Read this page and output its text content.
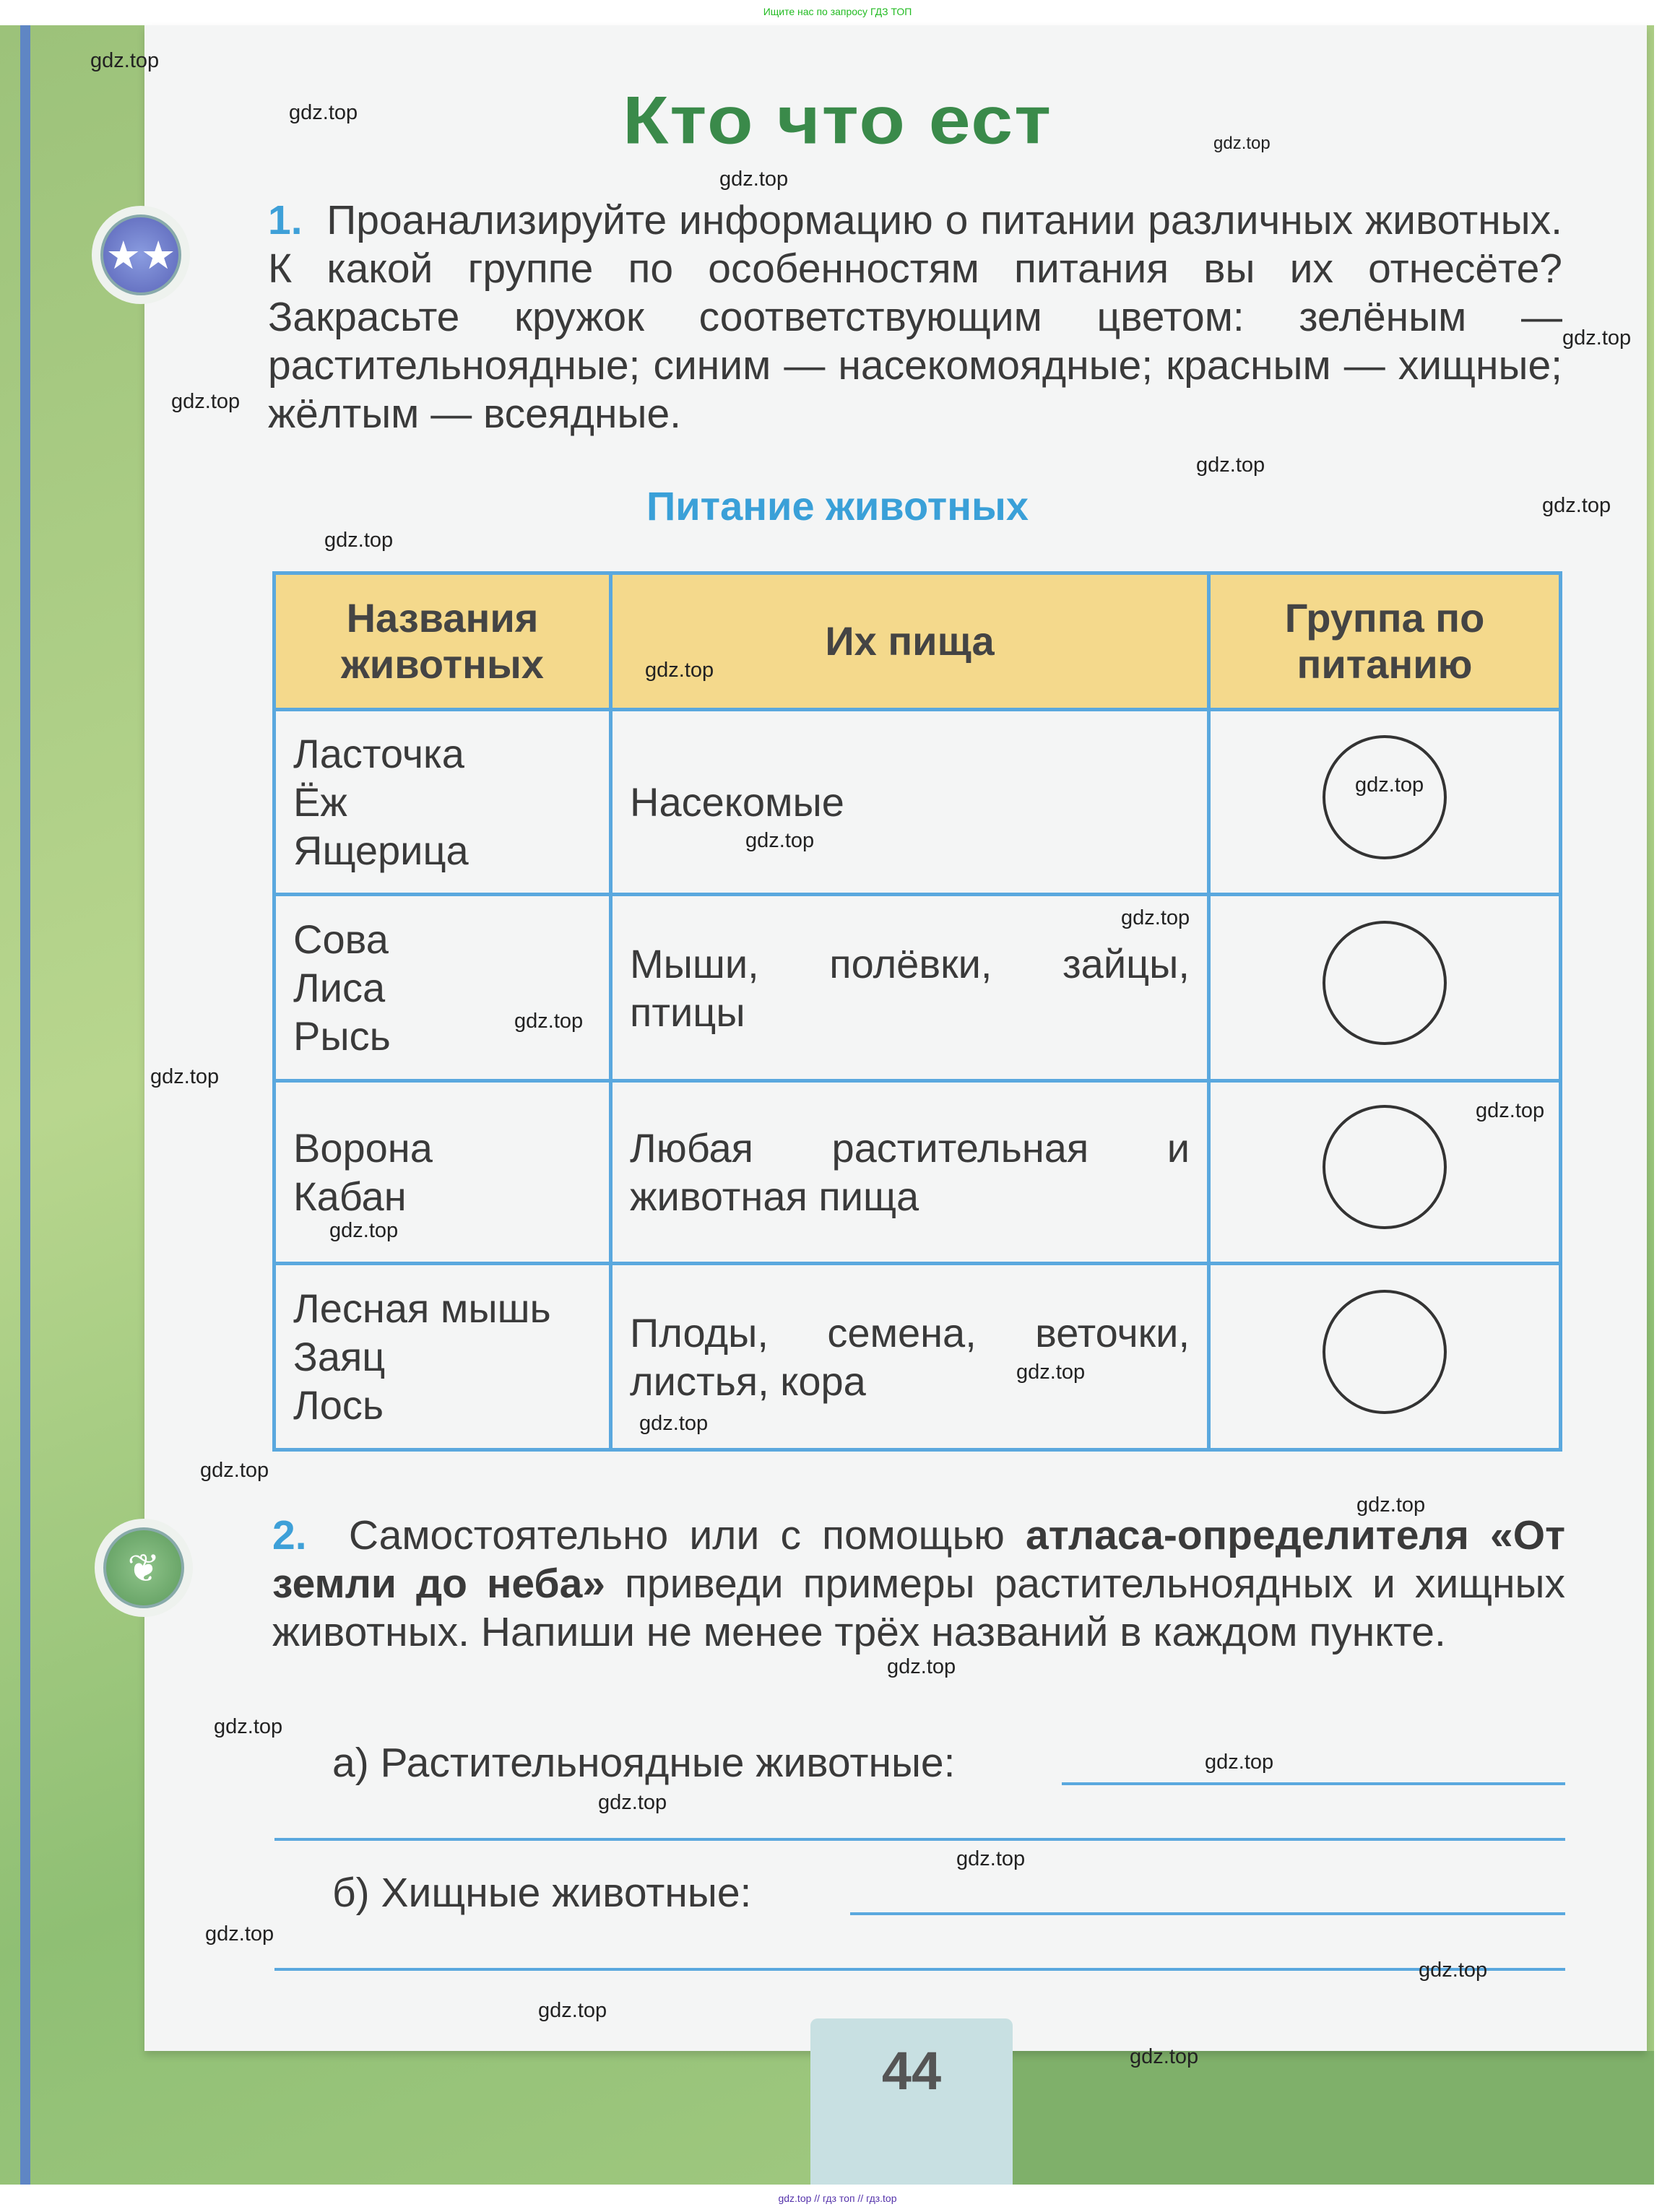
Ищите нас по запросу ГДЗ ТОП
44
Кто что ест
★★
1. Проанализируйте информацию о питании различных животных. К какой группе по особенностям питания вы их отнесёте? Закрасьте кружок соответствующим цветом: зелёным — растительноядные; синим — насекомоядные; красным — хищные; жёлтым — всеядные.
Питание животных
Названия животных	Их пища	Группа по питанию

Ласточка
Ёж
Ящерица	Насекомые	

Сова
Лиса
Рысь	Мыши, полёвки, зайцы, птицы	

Ворона
Кабан	Любая растительная и животная пища	

Лесная мышь
Заяц
Лось	Плоды, семена, веточки, листья, кора	
❦
2. Самостоятельно или с помощью атласа-определителя «От земли до неба» приведи примеры растительноядных и хищных животных. Напиши не менее трёх названий в каждом пункте.
а) Растительноядные животные:
б) Хищные животные:
gdz.top
gdz.top
gdz.top
gdz.top
gdz.top
gdz.top
gdz.top
gdz.top
gdz.top
gdz.top
gdz.top
gdz.top
gdz.top
gdz.top
gdz.top
gdz.top
gdz.top
gdz.top
gdz.top
gdz.top
gdz.top
gdz.top
gdz.top
gdz.top
gdz.top
gdz.top
gdz.top
gdz.top
gdz.top
gdz.top
gdz.top // гдз топ // гдз.top
